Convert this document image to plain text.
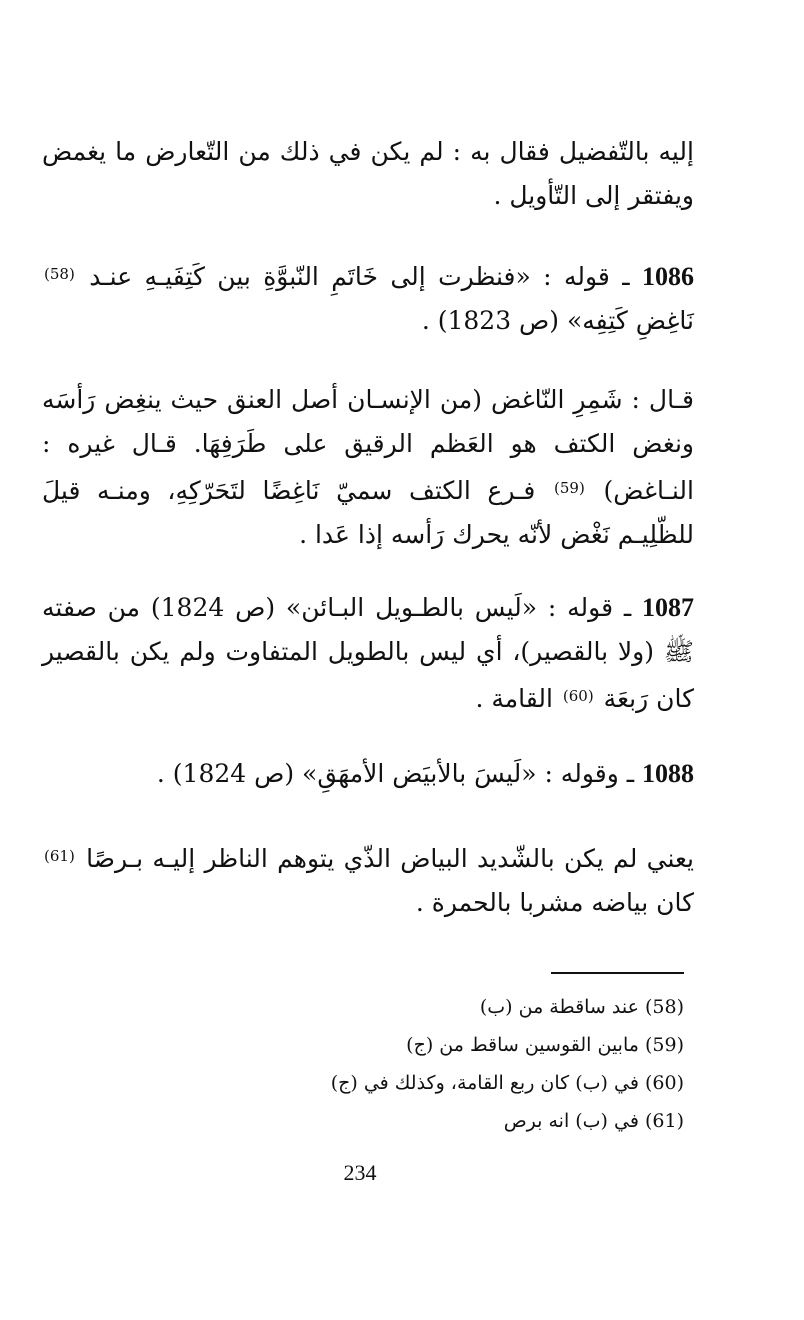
إليه بالتّفضيل فقال به : لم يكن في ذلك من التّعارض ما يغمض ويفتقر إلى التّأويل .

1086 ـ قوله : «فنظرت إلى خَاتَمِ النّبوَّةِ بين كَتِفَيـهِ عنـد $^{(58)}$ نَاغِضِ كَتِفِه» (ص 1823) .

قـال : شَمِرِ النّاغض (من الإنسـان أصل العنق حيث ينغِض رَأسَه ونغض الكتف هو العَظم الرقيق على طَرَفِهَا. قـال غيره : النـاغض) $^{(59)}$ فـرع الكتف سميّ نَاغِضًا لتَحَرّكِهِ، ومنـه قيلَ للظّلِيـم نَغْض لأنّه يحرك رَأسه إذا عَدا .

1087 ـ قوله : «لَيس بالطـويل البـائن» (ص 1824) من صفته ﷺ (ولا بالقصير)، أي ليس بالطويل المتفاوت ولم يكن بالقصير كان رَبعَة $^{(60)}$ القامة .

1088 ـ وقوله : «لَيسَ بالأبيَض الأمهَقِ» (ص 1824) .

يعني لم يكن بالشّديد البياض الذّي يتوهم الناظر إليـه بـرصًا $^{(61)}$ كان بياضه مشربا بالحمرة .

(58) عند ساقطة من (ب)
(59) مابين القوسين ساقط من (ج)
(60) في (ب) كان ربع القامة، وكذلك في (ج)
(61) في (ب) انه برص
234
